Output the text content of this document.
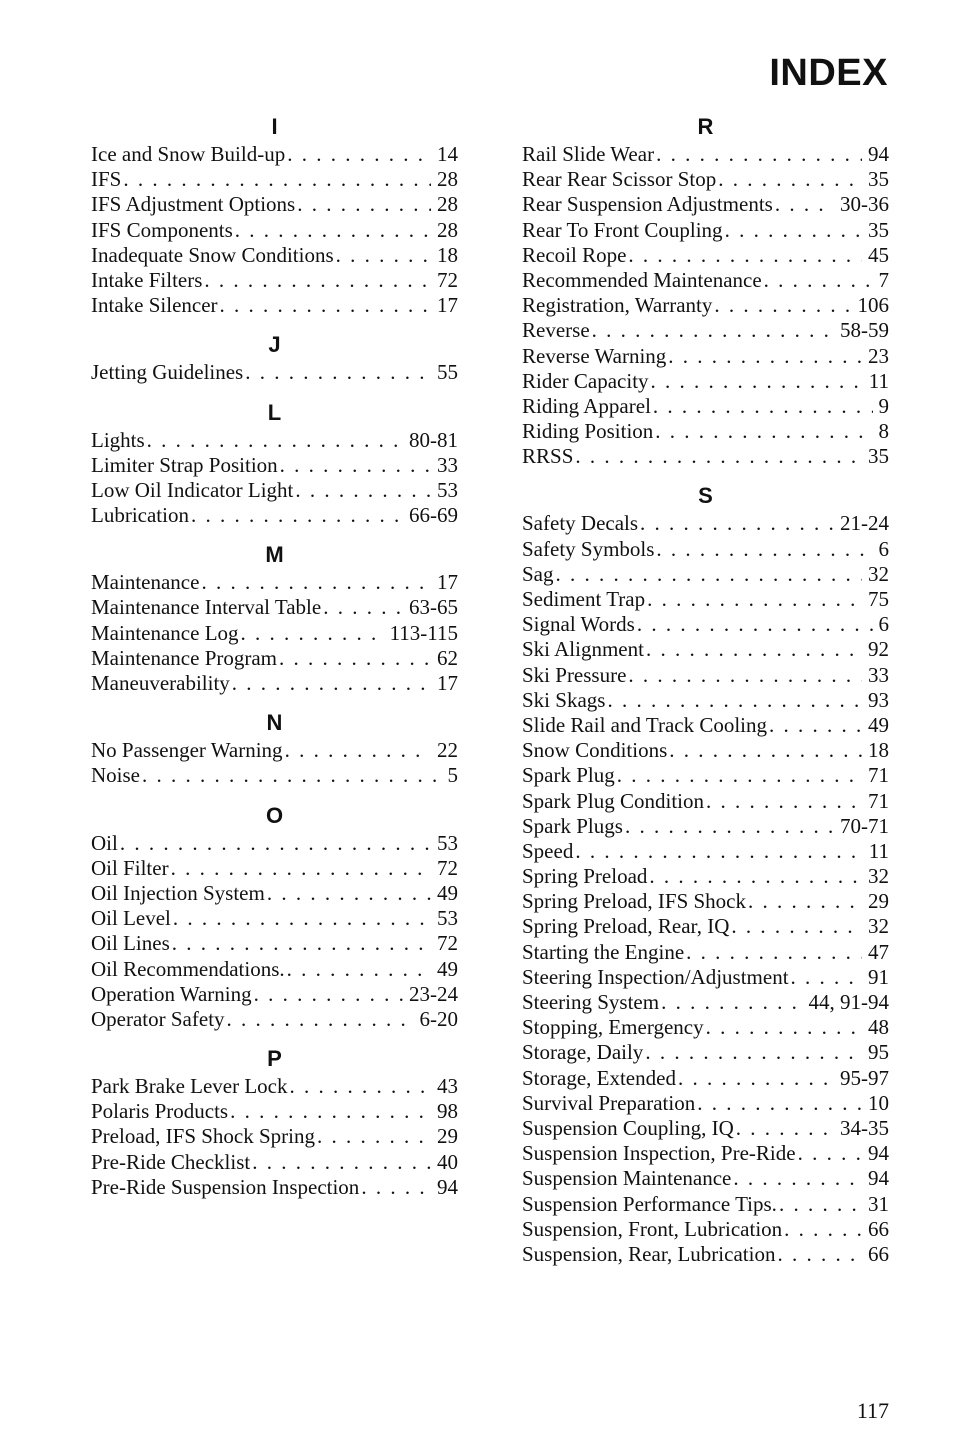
INDEX
I
Ice and Snow Build-up . . .	14
IFS . . .	28
IFS Adjustment Options . . .	28
IFS Components . . .	28
Inadequate Snow Conditions . . .	18
Intake Filters . . .	72
Intake Silencer . . .	17
J
Jetting Guidelines . . .	55
L
Lights . . .	80-81
Limiter Strap Position . . .	33
Low Oil Indicator Light . . .	53
Lubrication . . .	66-69
M
Maintenance . . .	17
Maintenance Interval Table . . .	63-65
Maintenance Log . . .	113-115
Maintenance Program . . .	62
Maneuverability . . .	17
N
No Passenger Warning . . .	22
Noise . . .	5
O
Oil . . .	53
Oil Filter . . .	72
Oil Injection System . . .	49
Oil Level . . .	53
Oil Lines . . .	72
Oil Recommendations. . . .	49
Operation Warning . . .	23-24
Operator Safety . . .	6-20
P
Park Brake Lever Lock . . .	43
Polaris Products . . .	98
Preload, IFS Shock Spring . . .	29
Pre-Ride Checklist . . .	40
Pre-Ride Suspension Inspection . . .	94
R
Rail Slide Wear . . .	94
Rear Rear Scissor Stop . . .	35
Rear Suspension Adjustments . . .	30-36
Rear To Front Coupling . . .	35
Recoil Rope . . .	45
Recommended Maintenance . . .	7
Registration, Warranty . . .	106
Reverse . . .	58-59
Reverse Warning . . .	23
Rider Capacity . . .	11
Riding Apparel . . .	9
Riding Position . . .	8
RRSS . . .	35
S
Safety Decals . . .	21-24
Safety Symbols . . .	6
Sag . . .	32
Sediment Trap . . .	75
Signal Words . . .	6
Ski Alignment . . .	92
Ski Pressure . . .	33
Ski Skags . . .	93
Slide Rail and Track Cooling . . .	49
Snow Conditions . . .	18
Spark Plug . . .	71
Spark Plug Condition . . .	71
Spark Plugs . . .	70-71
Speed . . .	11
Spring Preload . . .	32
Spring Preload, IFS Shock . . .	29
Spring Preload, Rear, IQ . . .	32
Starting the Engine . . .	47
Steering Inspection/Adjustment . . .	91
Steering System . . .	44, 91-94
Stopping, Emergency . . .	48
Storage, Daily . . .	95
Storage, Extended . . .	95-97
Survival Preparation . . .	10
Suspension Coupling, IQ . . .	34-35
Suspension Inspection, Pre-Ride . . .	94
Suspension Maintenance . . .	94
Suspension Performance Tips. . . .	31
Suspension, Front, Lubrication . . .	66
Suspension, Rear, Lubrication . . .	66
117
